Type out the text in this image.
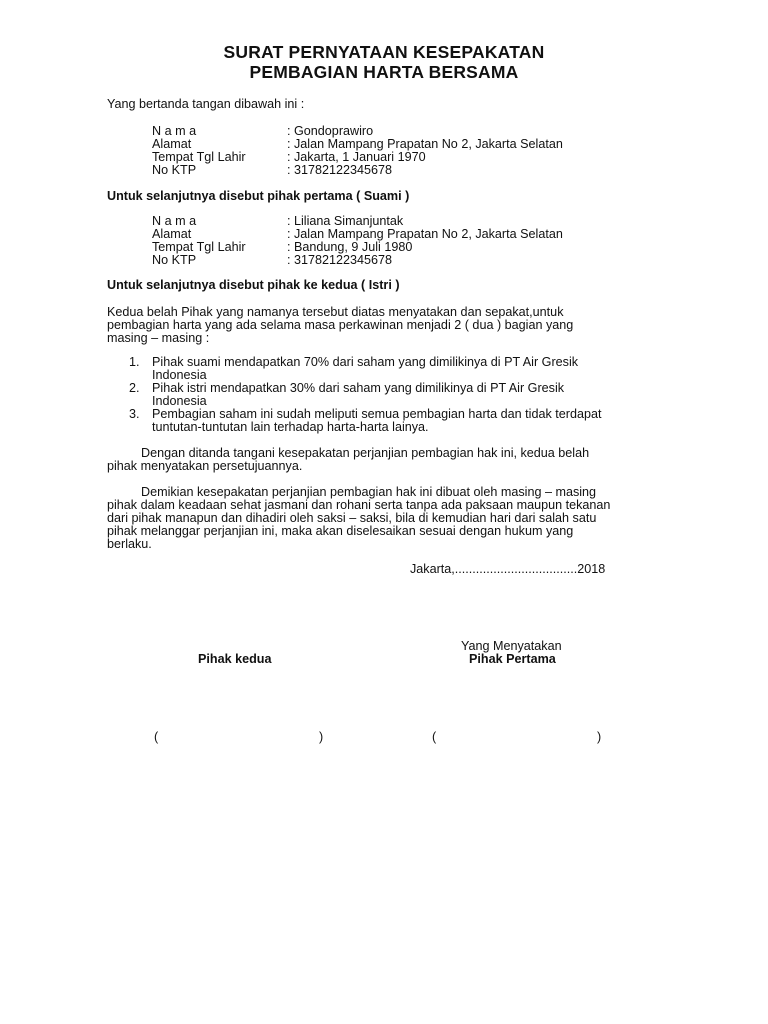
SURAT PERNYATAAN KESEPAKATAN
PEMBAGIAN HARTA BERSAMA
Yang bertanda tangan dibawah ini :
N a m a	: Gondoprawiro
Alamat	: Jalan Mampang Prapatan No 2, Jakarta Selatan
Tempat Tgl Lahir	: Jakarta, 1 Januari 1970
No KTP	: 31782122345678
Untuk selanjutnya disebut pihak pertama ( Suami )
N a m a	: Liliana Simanjuntak
Alamat	: Jalan Mampang Prapatan No 2, Jakarta Selatan
Tempat Tgl Lahir	: Bandung, 9 Juli 1980
No KTP	: 31782122345678
Untuk selanjutnya disebut pihak ke kedua ( Istri )
Kedua belah Pihak yang namanya tersebut diatas menyatakan dan sepakat,untuk
pembagian harta yang ada selama masa perkawinan menjadi 2 ( dua ) bagian yang
masing – masing :
1. Pihak suami mendapatkan 70% dari saham yang dimilikinya di PT Air Gresik
Indonesia
2. Pihak istri mendapatkan 30% dari saham yang dimilikinya di PT Air Gresik
Indonesia
3. Pembagian saham ini sudah meliputi semua pembagian harta dan tidak terdapat
tuntutan-tuntutan lain terhadap harta-harta lainya.
Dengan ditanda tangani kesepakatan perjanjian pembagian hak ini, kedua belah
pihak menyatakan persetujuannya.
Demikian kesepakatan perjanjian pembagian hak ini dibuat oleh masing – masing
pihak dalam keadaan sehat jasmani dan rohani serta tanpa ada paksaan maupun tekanan
dari pihak manapun dan dihadiri oleh saksi – saksi, bila di kemudian hari dari salah satu
pihak melanggar perjanjian ini, maka akan diselesaikan sesuai dengan hukum yang
berlaku.
Jakarta,...................................2018
Yang Menyatakan
Pihak Pertama
Pihak kedua
(	)	(	)
